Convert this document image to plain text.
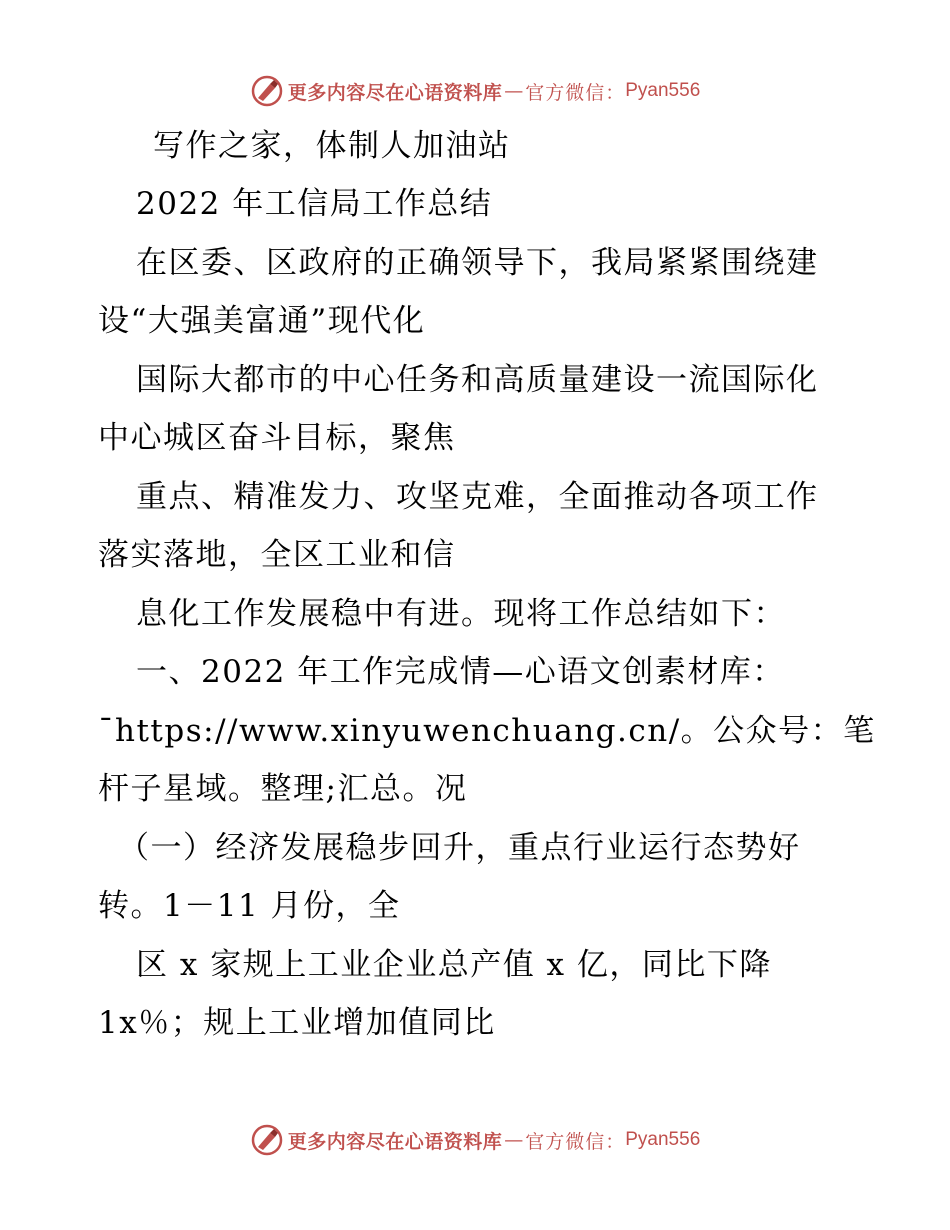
更多内容尽在心语资料库 — 官方微信： Pyan556
写作之家，体制人加油站
2022 年工信局工作总结
在区委、区政府的正确领导下，我局紧紧围绕建
设“大强美富通”现代化
国际大都市的中心任务和高质量建设一流国际化
中心城区奋斗目标，聚焦
重点、精准发力、攻坚克难，全面推动各项工作
落实落地，全区工业和信
息化工作发展稳中有进。现将工作总结如下：
一、2022 年工作完成情—心语文创素材库：
¯https://www.xinyuwenchuang.cn/。公众号：笔
杆子星域。整理;汇总。况
（一）经济发展稳步回升，重点行业运行态势好
转。1－11 月份，全
区 x 家规上工业企业总产值 x 亿，同比下降
1x％；规上工业增加值同比
更多内容尽在心语资料库 — 官方微信： Pyan556
